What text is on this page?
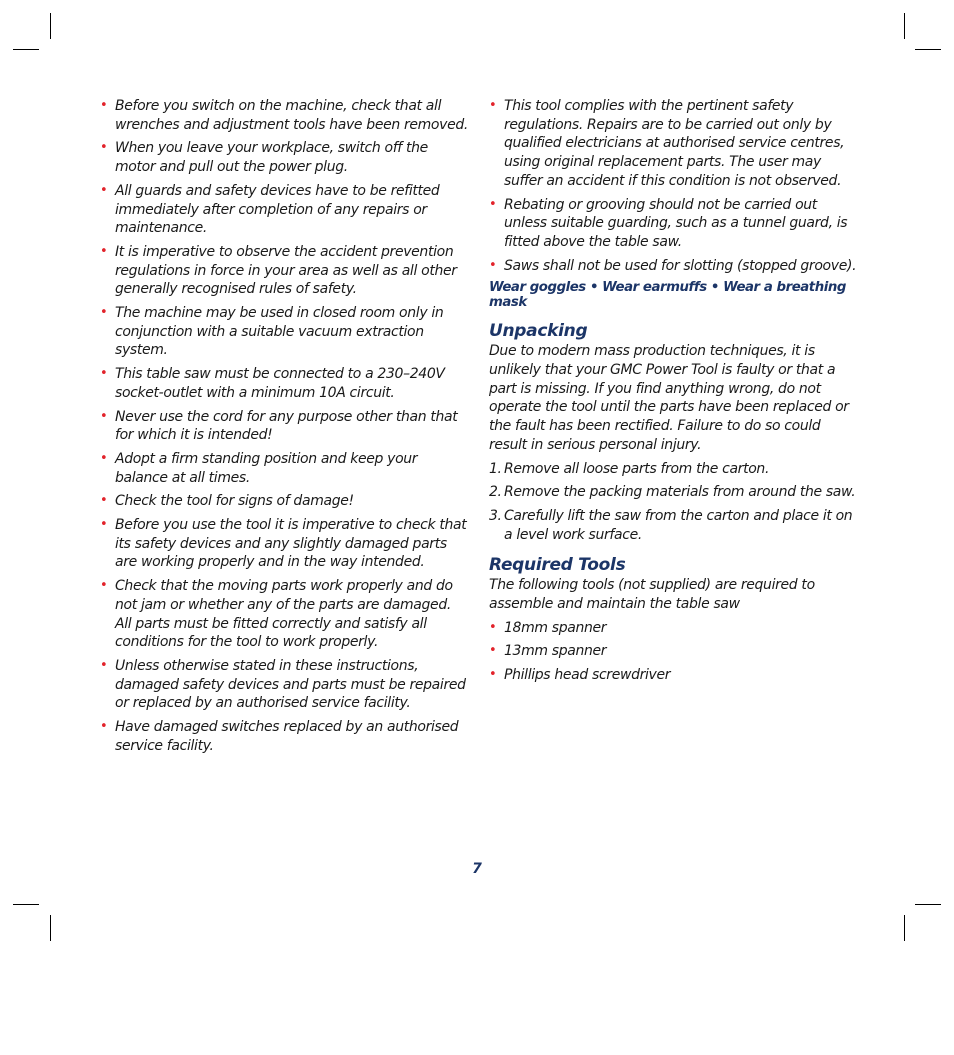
• Before you switch on the machine, check that all wrenches and adjustment tools have been removed.
• When you leave your workplace, switch off the motor and pull out the power plug.
• All guards and safety devices have to be refitted immediately after completion of any repairs or maintenance.
• It is imperative to observe the accident prevention regulations in force in your area as well as all other generally recognised rules of safety.
• The machine may be used in closed room only in conjunction with a suitable vacuum extraction system.
• This table saw must be connected to a 230–240V socket-outlet with a minimum 10A circuit.
• Never use the cord for any purpose other than that for which it is intended!
• Adopt a firm standing position and keep your balance at all times.
• Check the tool for signs of damage!
• Before you use the tool it is imperative to check that its safety devices and any slightly damaged parts are working properly and in the way intended.
• Check that the moving parts work properly and do not jam or whether any of the parts are damaged. All parts must be fitted correctly and satisfy all conditions for the tool to work properly.
• Unless otherwise stated in these instructions, damaged safety devices and parts must be repaired or replaced by an authorised service facility.
• Have damaged switches replaced by an authorised service facility.
• This tool complies with the pertinent safety regulations. Repairs are to be carried out only by qualified electricians at authorised service centres, using original replacement parts. The user may suffer an accident if this condition is not observed.
• Rebating or grooving should not be carried out unless suitable guarding, such as a tunnel guard, is fitted above the table saw.
• Saws shall not be used for slotting (stopped groove).
Wear goggles • Wear earmuffs • Wear a breathing mask
Unpacking

Due to modern mass production techniques, it is unlikely that your GMC Power Tool is faulty or that a part is missing. If you find anything wrong, do not operate the tool until the parts have been replaced or the fault has been rectified. Failure to do so could result in serious personal injury.

1. Remove all loose parts from the carton.
2. Remove the packing materials from around the saw.
3. Carefully lift the saw from the carton and place it on a level work surface.
Required Tools

The following tools (not supplied) are required to assemble and maintain the table saw

• 18mm spanner
• 13mm spanner
• Phillips head screwdriver
7
